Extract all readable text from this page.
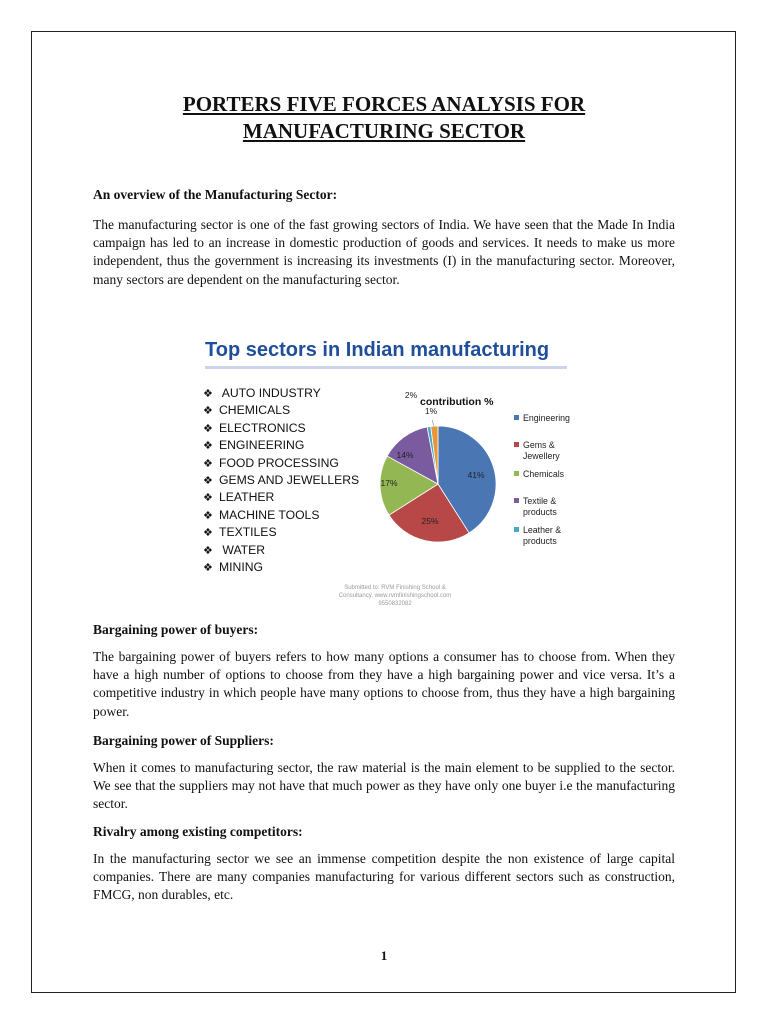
PORTERS FIVE FORCES ANALYSIS FOR
MANUFACTURING SECTOR
An overview of the Manufacturing Sector:
The manufacturing sector is one of the fast growing sectors of India. We have seen that the Made In India campaign has led to an increase in domestic production of goods and services. It needs to make us more independent, thus the government is increasing its investments (I) in the manufacturing sector. Moreover, many sectors are dependent on the manufacturing sector.
Top sectors in Indian manufacturing
❖ AUTO INDUSTRY
❖ CHEMICALS
❖ ELECTRONICS
❖ ENGINEERING
❖ FOOD PROCESSING
❖ GEMS AND JEWELLERS
❖ LEATHER
❖ MACHINE TOOLS
❖ TEXTILES
❖ WATER
❖ MINING
contribution %
41%
25%
17%
14%
1%
2%
Engineering
Gems &
Jewellery
Chemicals
Textile &
products
Leather &
products
Submitted to: RVM Finishing School &
Consultancy, www.rvmfinishingschool.com
9550832082
Bargaining power of buyers:
The bargaining power of buyers refers to how many options a consumer has to choose from. When they have a high number of options to choose from they have a high bargaining power and vice versa. It’s a competitive industry in which people have many options to choose from, thus they have a high bargaining power.
Bargaining power of Suppliers:
When it comes to manufacturing sector, the raw material is the main element to be supplied to the sector. We see that the suppliers may not have that much power as they have only one buyer i.e the manufacturing sector.
Rivalry among existing competitors:
In the manufacturing sector we see an immense competition despite the non existence of large capital companies. There are many companies manufacturing for various different sectors such as construction, FMCG, non durables, etc.
1
